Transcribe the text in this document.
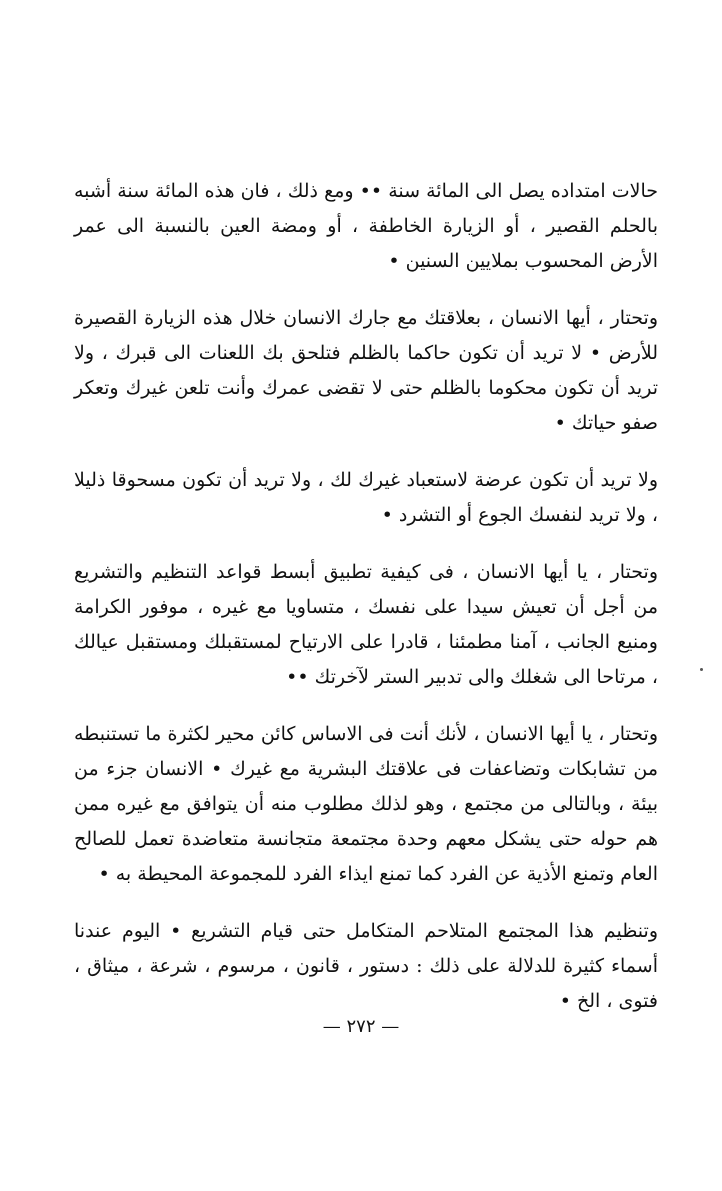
حالات امتداده يصل الى المائة سنة •• ومع ذلك ، فان هذه المائة سنة أشبه بالحلم القصير ، أو الزيارة الخاطفة ، أو ومضة العين بالنسبة الى عمر الأرض المحسوب بملايين السنين •

وتحتار ، أيها الانسان ، بعلاقتك مع جارك الانسان خلال هذه الزيارة القصيرة للأرض • لا تريد أن تكون حاكما بالظلم فتلحق بك اللعنات الى قبرك ، ولا تريد أن تكون محكوما بالظلم حتى لا تقضى عمرك وأنت تلعن غيرك وتعكر صفو حياتك •

ولا تريد أن تكون عرضة لاستعباد غيرك لك ، ولا تريد أن تكون مسحوقا ذليلا ، ولا تريد لنفسك الجوع أو التشرد •

وتحتار ، يا أيها الانسان ، فى كيفية تطبيق أبسط قواعد التنظيم والتشريع من أجل أن تعيش سيدا على نفسك ، متساويا مع غيره ، موفور الكرامة ومنيع الجانب ، آمنا مطمئنا ، قادرا على الارتياح لمستقبلك ومستقبل عيالك ، مرتاحا الى شغلك والى تدبير الستر لآخرتك ••

وتحتار ، يا أيها الانسان ، لأنك أنت فى الاساس كائن محير لكثرة ما تستنبطه من تشابكات وتضاعفات فى علاقتك البشرية مع غيرك • الانسان جزء من بيئة ، وبالتالى من مجتمع ، وهو لذلك مطلوب منه أن يتوافق مع غيره ممن هم حوله حتى يشكل معهم وحدة مجتمعة متجانسة متعاضدة تعمل للصالح العام وتمنع الأذية عن الفرد كما تمنع ايذاء الفرد للمجموعة المحيطة به •

وتنظيم هذا المجتمع المتلاحم المتكامل حتى قيام التشريع • اليوم عندنا أسماء كثيرة للدلالة على ذلك : دستور ، قانون ، مرسوم ، شرعة ، ميثاق ، فتوى ، الخ •

— ٢٧٢ —
